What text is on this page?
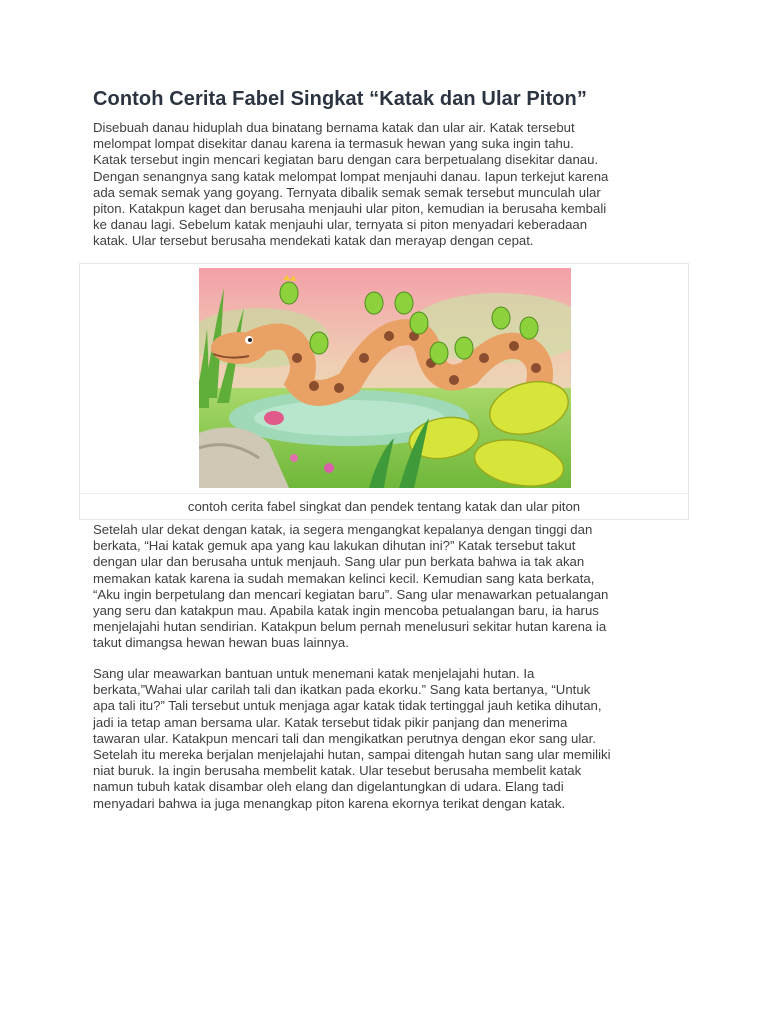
Contoh Cerita Fabel Singkat “Katak dan Ular Piton”

Disebuah danau hiduplah dua binatang bernama katak dan ular air. Katak tersebut
melompat lompat disekitar danau karena ia termasuk hewan yang suka ingin tahu.
Katak tersebut ingin mencari kegiatan baru dengan cara berpetualang disekitar danau.
Dengan senangnya sang katak melompat lompat menjauhi danau. Iapun terkejut karena
ada semak semak yang goyang. Ternyata dibalik semak semak tersebut munculah ular
piton. Katakpun kaget dan berusaha menjauhi ular piton, kemudian ia berusaha kembali
ke danau lagi. Sebelum katak menjauhi ular, ternyata si piton menyadari keberadaan
katak. Ular tersebut berusaha mendekati katak dan merayap dengan cepat.

contoh cerita fabel singkat dan pendek tentang katak dan ular piton

Setelah ular dekat dengan katak, ia segera mengangkat kepalanya dengan tinggi dan
berkata, “Hai katak gemuk apa yang kau lakukan dihutan ini?” Katak tersebut takut
dengan ular dan berusaha untuk menjauh. Sang ular pun berkata bahwa ia tak akan
memakan katak karena ia sudah memakan kelinci kecil. Kemudian sang kata berkata,
“Aku ingin berpetulang dan mencari kegiatan baru”. Sang ular menawarkan petualangan
yang seru dan katakpun mau. Apabila katak ingin mencoba petualangan baru, ia harus
menjelajahi hutan sendirian. Katakpun belum pernah menelusuri sekitar hutan karena ia
takut dimangsa hewan hewan buas lainnya.

Sang ular meawarkan bantuan untuk menemani katak menjelajahi hutan. Ia
berkata,”Wahai ular carilah tali dan ikatkan pada ekorku.” Sang kata bertanya, “Untuk
apa tali itu?” Tali tersebut untuk menjaga agar katak tidak tertinggal jauh ketika dihutan,
jadi ia tetap aman bersama ular. Katak tersebut tidak pikir panjang dan menerima
tawaran ular. Katakpun mencari tali dan mengikatkan perutnya dengan ekor sang ular.
Setelah itu mereka berjalan menjelajahi hutan, sampai ditengah hutan sang ular memiliki
niat buruk. Ia ingin berusaha membelit katak. Ular tesebut berusaha membelit katak
namun tubuh katak disambar oleh elang dan digelantungkan di udara. Elang tadi
menyadari bahwa ia juga menangkap piton karena ekornya terikat dengan katak.
